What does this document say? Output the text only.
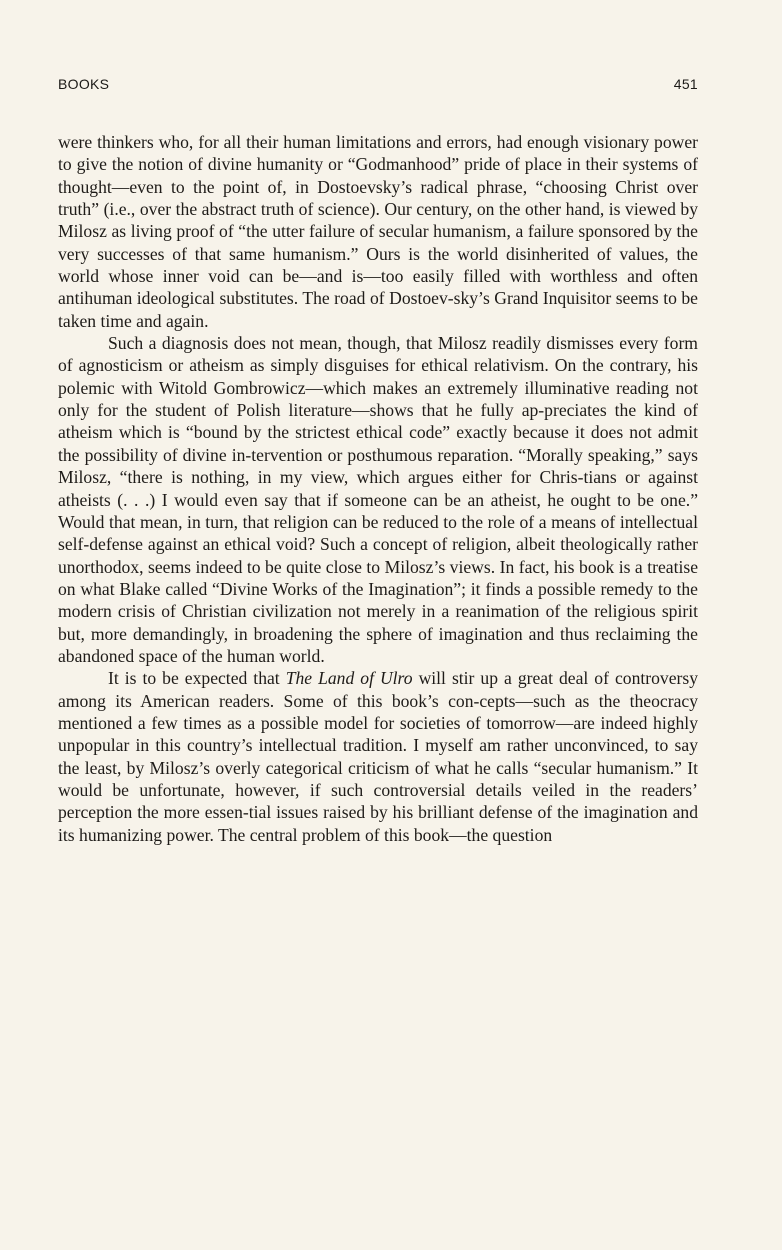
BOOKS	451

were thinkers who, for all their human limitations and errors, had enough visionary power to give the notion of divine humanity or “Godmanhood” pride of place in their systems of thought—even to the point of, in Dostoevsky’s radical phrase, “choosing Christ over truth” (i.e., over the abstract truth of science). Our century, on the other hand, is viewed by Milosz as living proof of “the utter failure of secular humanism, a failure sponsored by the very successes of that same humanism.” Ours is the world disinherited of values, the world whose inner void can be—and is—too easily filled with worthless and often antihuman ideological substitutes. The road of Dostoev-sky’s Grand Inquisitor seems to be taken time and again.

Such a diagnosis does not mean, though, that Milosz readily dismisses every form of agnosticism or atheism as simply disguises for ethical relativism. On the contrary, his polemic with Witold Gombrowicz—which makes an extremely illuminative reading not only for the student of Polish literature—shows that he fully ap-preciates the kind of atheism which is “bound by the strictest ethical code” exactly because it does not admit the possibility of divine in-tervention or posthumous reparation. “Morally speaking,” says Milosz, “there is nothing, in my view, which argues either for Chris-tians or against atheists (. . .) I would even say that if someone can be an atheist, he ought to be one.” Would that mean, in turn, that religion can be reduced to the role of a means of intellectual self-defense against an ethical void? Such a concept of religion, albeit theologically rather unorthodox, seems indeed to be quite close to Milosz’s views. In fact, his book is a treatise on what Blake called “Divine Works of the Imagination”; it finds a possible remedy to the modern crisis of Christian civilization not merely in a reanimation of the religious spirit but, more demandingly, in broadening the sphere of imagination and thus reclaiming the abandoned space of the human world.

It is to be expected that The Land of Ulro will stir up a great deal of controversy among its American readers. Some of this book’s con-cepts—such as the theocracy mentioned a few times as a possible model for societies of tomorrow—are indeed highly unpopular in this country’s intellectual tradition. I myself am rather unconvinced, to say the least, by Milosz’s overly categorical criticism of what he calls “secular humanism.” It would be unfortunate, however, if such controversial details veiled in the readers’ perception the more essen-tial issues raised by his brilliant defense of the imagination and its humanizing power. The central problem of this book—the question
